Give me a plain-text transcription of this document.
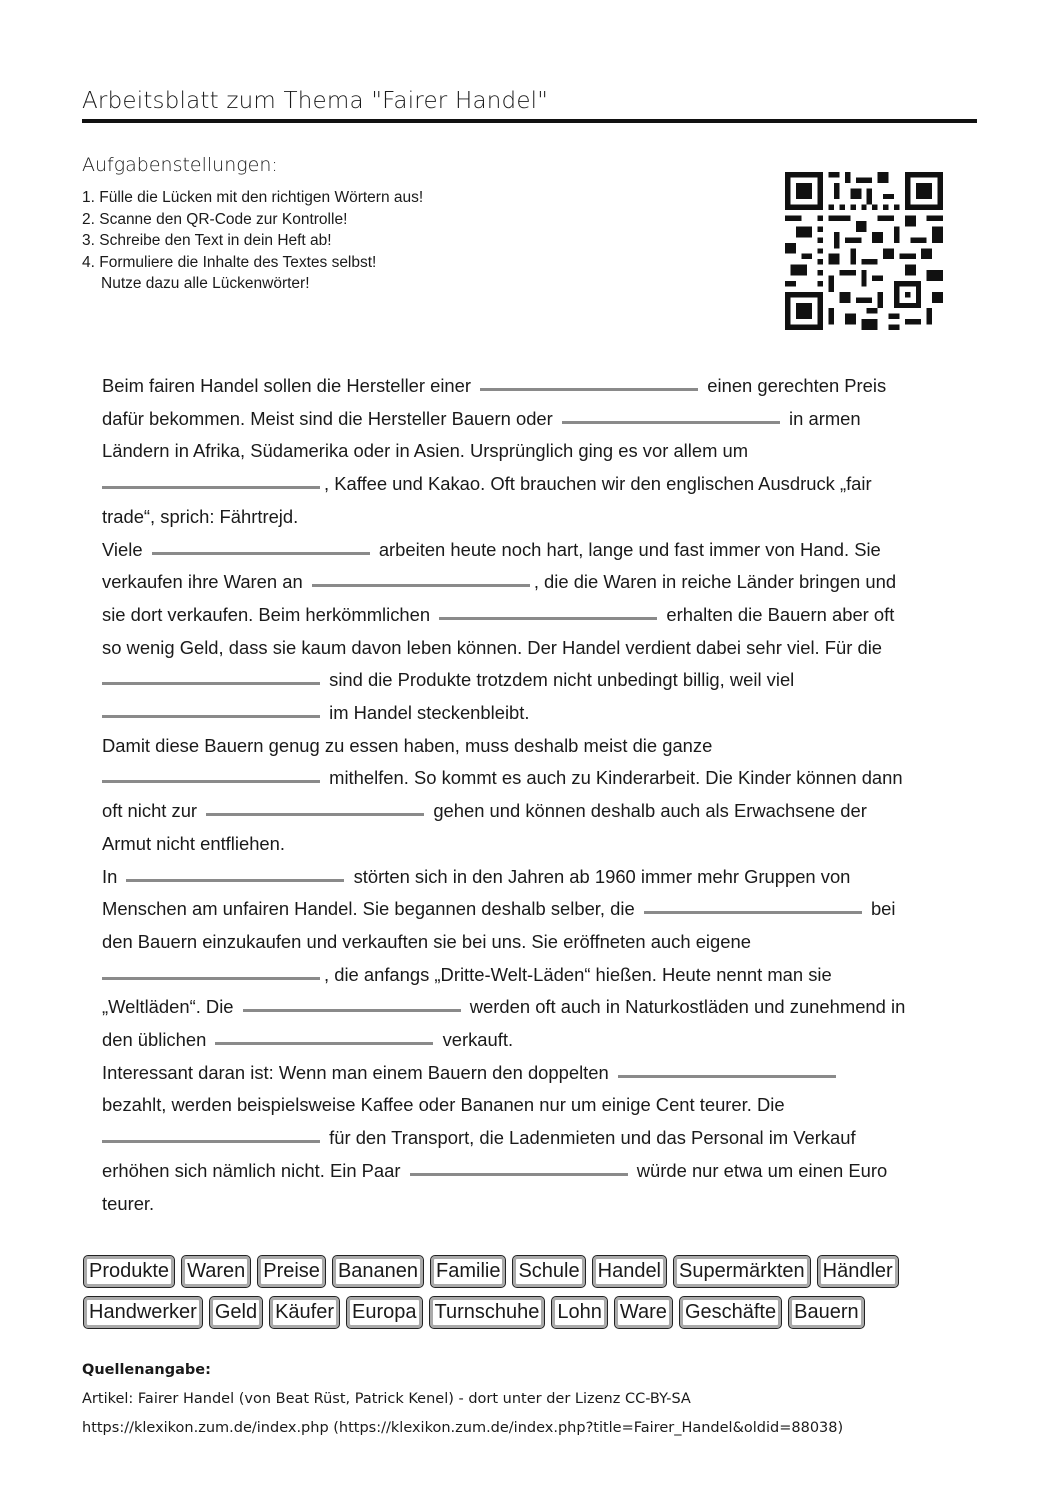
Arbeitsblatt zum Thema "Fairer Handel"
Aufgabenstellungen:
1. Fülle die Lücken mit den richtigen Wörtern aus!
2. Scanne den QR-Code zur Kontrolle!
3. Schreibe den Text in dein Heft ab!
4. Formuliere die Inhalte des Textes selbst!
Nutze dazu alle Lückenwörter!
Beim fairen Handel sollen die Hersteller einer	einen gerechten Preis
dafür bekommen. Meist sind die Hersteller Bauern oder	in armen
Ländern in Afrika, Südamerika oder in Asien. Ursprünglich ging es vor allem um
, Kaffee und Kakao. Oft brauchen wir den englischen Ausdruck „fair
trade“, sprich: Fährtrejd.
Viele	arbeiten heute noch hart, lange und fast immer von Hand. Sie
verkaufen ihre Waren an	, die die Waren in reiche Länder bringen und
sie dort verkaufen. Beim herkömmlichen	erhalten die Bauern aber oft
so wenig Geld, dass sie kaum davon leben können. Der Handel verdient dabei sehr viel. Für die
sind die Produkte trotzdem nicht unbedingt billig, weil viel
im Handel steckenbleibt.
Damit diese Bauern genug zu essen haben, muss deshalb meist die ganze
mithelfen. So kommt es auch zu Kinderarbeit. Die Kinder können dann
oft nicht zur	gehen und können deshalb auch als Erwachsene der
Armut nicht entfliehen.
In	störten sich in den Jahren ab 1960 immer mehr Gruppen von
Menschen am unfairen Handel. Sie begannen deshalb selber, die	bei
den Bauern einzukaufen und verkauften sie bei uns. Sie eröffneten auch eigene
, die anfangs „Dritte-Welt-Läden“ hießen. Heute nennt man sie
„Weltläden“. Die	werden oft auch in Naturkostläden und zunehmend in
den üblichen	verkauft.
Interessant daran ist: Wenn man einem Bauern den doppelten
bezahlt, werden beispielsweise Kaffee oder Bananen nur um einige Cent teurer. Die
für den Transport, die Ladenmieten und das Personal im Verkauf
erhöhen sich nämlich nicht. Ein Paar	würde nur etwa um einen Euro
teurer.
Produkte Waren Preise Bananen Familie Schule Handel Supermärkten Händler
Handwerker Geld Käufer Europa Turnschuhe Lohn Ware Geschäfte Bauern
Quellenangabe:
Artikel: Fairer Handel (von Beat Rüst, Patrick Kenel) - dort unter der Lizenz CC-BY-SA
https://klexikon.zum.de/index.php (https://klexikon.zum.de/index.php?title=Fairer_Handel&oldid=88038)
